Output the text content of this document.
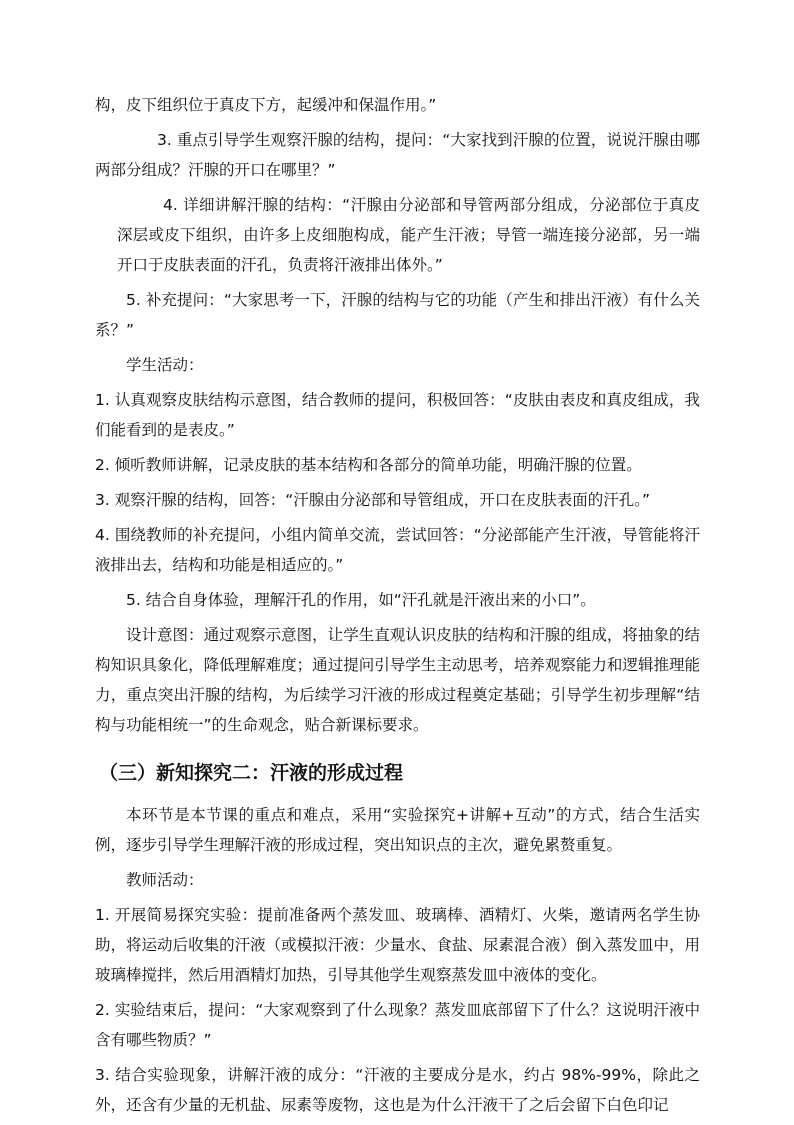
构，皮下组织位于真皮下方，起缓冲和保温作用。”

3. 重点引导学生观察汗腺的结构，提问：“大家找到汗腺的位置，说说汗腺由哪两部分组成？汗腺的开口在哪里？”

4. 详细讲解汗腺的结构：“汗腺由分泌部和导管两部分组成，分泌部位于真皮深层或皮下组织，由许多上皮细胞构成，能产生汗液；导管一端连接分泌部，另一端开口于皮肤表面的汗孔，负责将汗液排出体外。”

5. 补充提问：“大家思考一下，汗腺的结构与它的功能（产生和排出汗液）有什么关系？”

学生活动：

1. 认真观察皮肤结构示意图，结合教师的提问，积极回答：“皮肤由表皮和真皮组成，我们能看到的是表皮。”

2. 倾听教师讲解，记录皮肤的基本结构和各部分的简单功能，明确汗腺的位置。

3. 观察汗腺的结构，回答：“汗腺由分泌部和导管组成，开口在皮肤表面的汗孔。”

4. 围绕教师的补充提问，小组内简单交流，尝试回答：“分泌部能产生汗液，导管能将汗液排出去，结构和功能是相适应的。”

5. 结合自身体验，理解汗孔的作用，如“汗孔就是汗液出来的小口”。

设计意图：通过观察示意图，让学生直观认识皮肤的结构和汗腺的组成，将抽象的结构知识具象化，降低理解难度；通过提问引导学生主动思考，培养观察能力和逻辑推理能力，重点突出汗腺的结构，为后续学习汗液的形成过程奠定基础；引导学生初步理解“结构与功能相统一”的生命观念，贴合新课标要求。

（三）新知探究二：汗液的形成过程

本环节是本节课的重点和难点，采用“实验探究+讲解+互动”的方式，结合生活实例，逐步引导学生理解汗液的形成过程，突出知识点的主次，避免累赘重复。

教师活动：

1. 开展简易探究实验：提前准备两个蒸发皿、玻璃棒、酒精灯、火柴，邀请两名学生协助，将运动后收集的汗液（或模拟汗液：少量水、食盐、尿素混合液）倒入蒸发皿中，用玻璃棒搅拌，然后用酒精灯加热，引导其他学生观察蒸发皿中液体的变化。

2. 实验结束后，提问：“大家观察到了什么现象？蒸发皿底部留下了什么？这说明汗液中含有哪些物质？”

3. 结合实验现象，讲解汗液的成分：“汗液的主要成分是水，约占 98%-99%，除此之外，还含有少量的无机盐、尿素等废物，这也是为什么汗液干了之后会留下白色印记
